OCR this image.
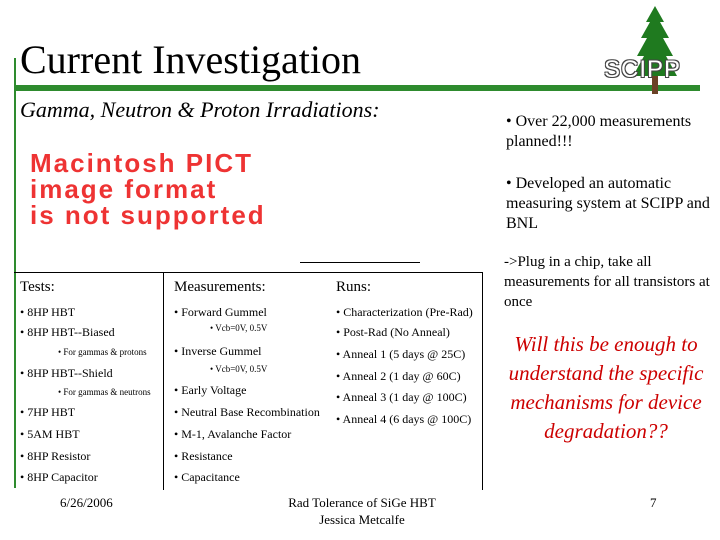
Current Investigation	SCIPP
Gamma, Neutron & Proton Irradiations:
Macintosh PICT
image format
is not supported
Tests:
• 8HP HBT
• 8HP HBT--Biased
• For gammas & protons
• 8HP HBT--Shield
• For gammas & neutrons
• 7HP HBT
• 5AM HBT
• 8HP Resistor
• 8HP Capacitor
Measurements:
• Forward Gummel
• Vcb=0V, 0.5V
• Inverse Gummel
• Vcb=0V, 0.5V
• Early Voltage
• Neutral Base Recombination
• M-1, Avalanche Factor
• Resistance
• Capacitance
Runs:
• Characterization (Pre-Rad)
• Post-Rad (No Anneal)
• Anneal 1 (5 days @ 25C)
• Anneal 2 (1 day @ 60C)
• Anneal 3 (1 day @ 100C)
• Anneal 4 (6 days @ 100C)
• Over 22,000 measurements planned!!!
• Developed an automatic measuring system at SCIPP and BNL
->Plug in a chip, take all measurements for all transistors at once
Will this be enough to understand the specific mechanisms for device degradation??
6/26/2006	Rad Tolerance of SiGe HBT
Jessica Metcalfe
7
